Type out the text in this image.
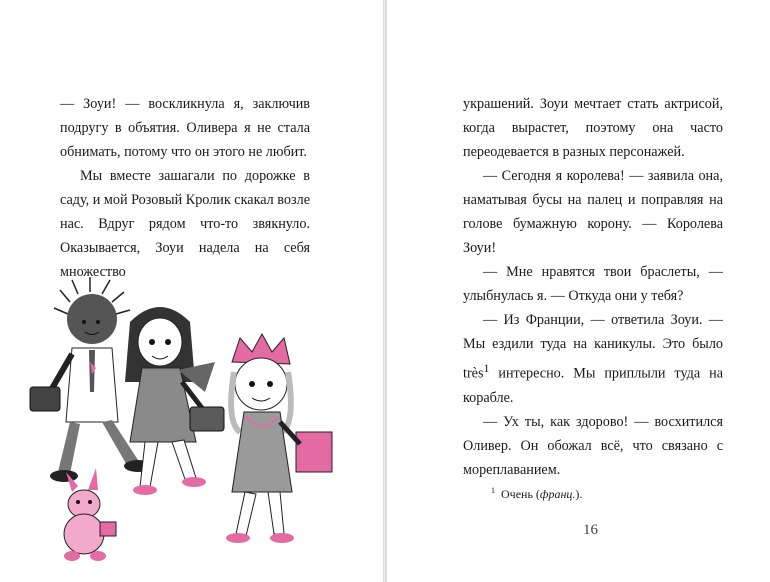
— Зоуи! — воскликнула я, заключив подругу в объятия. Оливера я не стала обнимать, потому что он этого не любит.

Мы вместе зашагали по дорожке в саду, и мой Розовый Кролик скакал возле нас. Вдруг рядом что-то звякнуло. Оказывается, Зоуи надела на себя множество

украшений. Зоуи мечтает стать актрисой, когда вырастет, поэтому она часто переодевается в разных персонажей.

— Сегодня я королева! — заявила она, наматывая бусы на палец и поправляя на голове бумажную корону. — Королева Зоуи!

— Мне нравятся твои браслеты, — улыбнулась я. — Откуда они у тебя?

— Из Франции, — ответила Зоуи. — Мы ездили туда на каникулы. Это было très$^1$ интересно. Мы приплыли туда на корабле.

— Ух ты, как здорово! — восхитился Оливер. Он обожал всё, что связано с мореплаванием.

$^1$ Очень (франц.).
16
